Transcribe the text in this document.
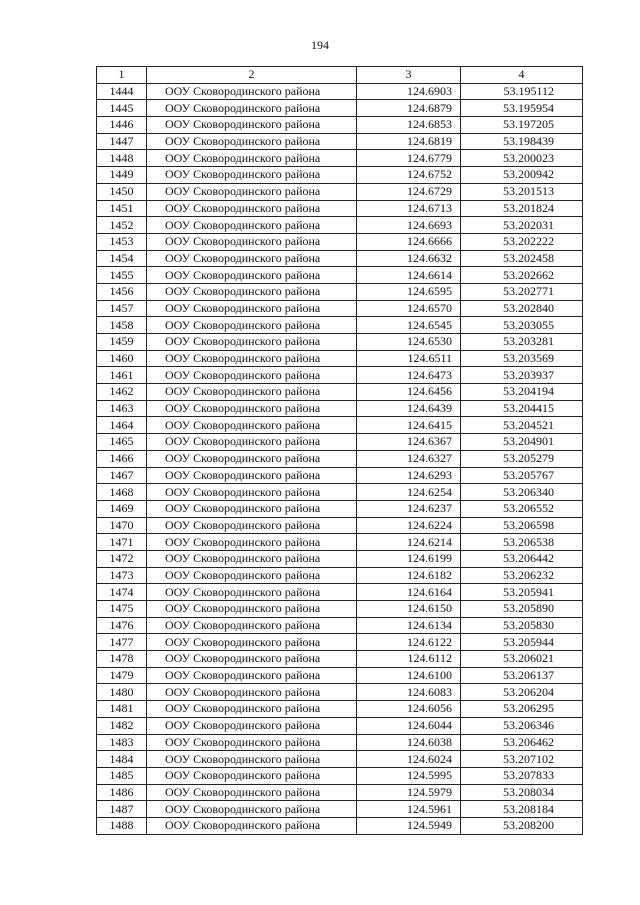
194
1	2	3	4
1444	ООУ Сковородинского района	124.6903	53.195112
1445	ООУ Сковородинского района	124.6879	53.195954
1446	ООУ Сковородинского района	124.6853	53.197205
1447	ООУ Сковородинского района	124.6819	53.198439
1448	ООУ Сковородинского района	124.6779	53.200023
1449	ООУ Сковородинского района	124.6752	53.200942
1450	ООУ Сковородинского района	124.6729	53.201513
1451	ООУ Сковородинского района	124.6713	53.201824
1452	ООУ Сковородинского района	124.6693	53.202031
1453	ООУ Сковородинского района	124.6666	53.202222
1454	ООУ Сковородинского района	124.6632	53.202458
1455	ООУ Сковородинского района	124.6614	53.202662
1456	ООУ Сковородинского района	124.6595	53.202771
1457	ООУ Сковородинского района	124.6570	53.202840
1458	ООУ Сковородинского района	124.6545	53.203055
1459	ООУ Сковородинского района	124.6530	53.203281
1460	ООУ Сковородинского района	124.6511	53.203569
1461	ООУ Сковородинского района	124.6473	53.203937
1462	ООУ Сковородинского района	124.6456	53.204194
1463	ООУ Сковородинского района	124.6439	53.204415
1464	ООУ Сковородинского района	124.6415	53.204521
1465	ООУ Сковородинского района	124.6367	53.204901
1466	ООУ Сковородинского района	124.6327	53.205279
1467	ООУ Сковородинского района	124.6293	53.205767
1468	ООУ Сковородинского района	124.6254	53.206340
1469	ООУ Сковородинского района	124.6237	53.206552
1470	ООУ Сковородинского района	124.6224	53.206598
1471	ООУ Сковородинского района	124.6214	53.206538
1472	ООУ Сковородинского района	124.6199	53.206442
1473	ООУ Сковородинского района	124.6182	53.206232
1474	ООУ Сковородинского района	124.6164	53.205941
1475	ООУ Сковородинского района	124.6150	53.205890
1476	ООУ Сковородинского района	124.6134	53.205830
1477	ООУ Сковородинского района	124.6122	53.205944
1478	ООУ Сковородинского района	124.6112	53.206021
1479	ООУ Сковородинского района	124.6100	53.206137
1480	ООУ Сковородинского района	124.6083	53.206204
1481	ООУ Сковородинского района	124.6056	53.206295
1482	ООУ Сковородинского района	124.6044	53.206346
1483	ООУ Сковородинского района	124.6038	53.206462
1484	ООУ Сковородинского района	124.6024	53.207102
1485	ООУ Сковородинского района	124.5995	53.207833
1486	ООУ Сковородинского района	124.5979	53.208034
1487	ООУ Сковородинского района	124.5961	53.208184
1488	ООУ Сковородинского района	124.5949	53.208200
